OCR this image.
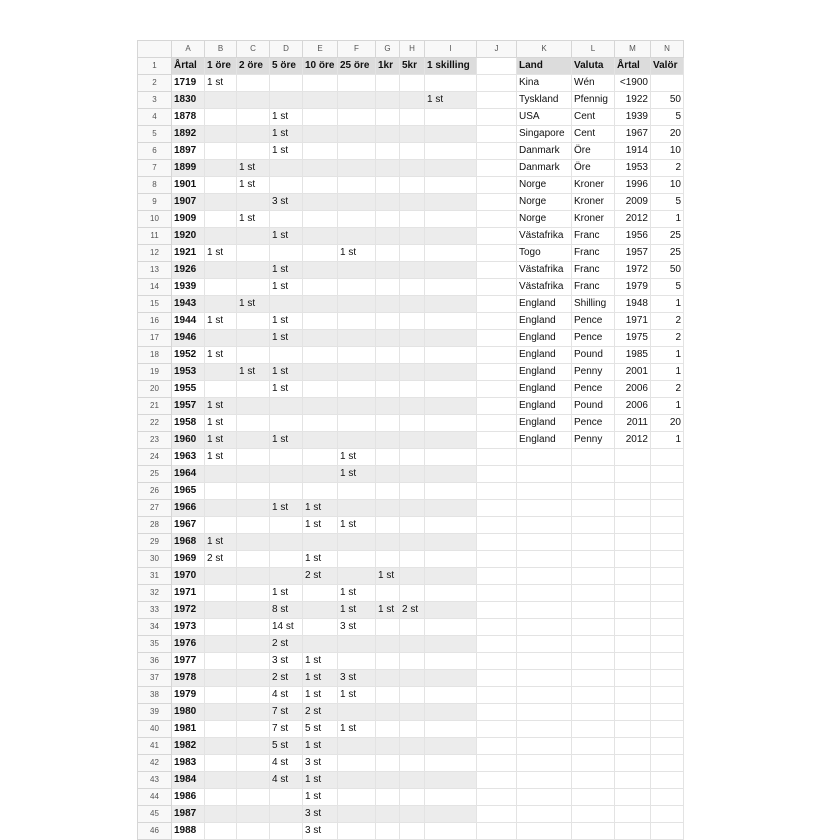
	A	B	C	D	E	F	G	H	I	J	K	L	M	N
1	Årtal	1 öre	2 öre	5 öre	10 öre	25 öre	1kr	5kr	1 skilling		Land	Valuta	Årtal	Valör
2	1719	1 st									Kina	Wén	<1900	
3	1830								1 st		Tyskland	Pfennig	1922	50
4	1878			1 st							USA	Cent	1939	5
5	1892			1 st							Singapore	Cent	1967	20
6	1897			1 st							Danmark	Öre	1914	10
7	1899		1 st								Danmark	Öre	1953	2
8	1901		1 st								Norge	Kroner	1996	10
9	1907			3 st							Norge	Kroner	2009	5
10	1909		1 st								Norge	Kroner	2012	1
11	1920			1 st							Västafrika	Franc	1956	25
12	1921	1 st				1 st					Togo	Franc	1957	25
13	1926			1 st							Västafrika	Franc	1972	50
14	1939			1 st							Västafrika	Franc	1979	5
15	1943		1 st								England	Shilling	1948	1
16	1944	1 st		1 st							England	Pence	1971	2
17	1946			1 st							England	Pence	1975	2
18	1952	1 st									England	Pound	1985	1
19	1953		1 st	1 st							England	Penny	2001	1
20	1955			1 st							England	Pence	2006	2
21	1957	1 st									England	Pound	2006	1
22	1958	1 st									England	Pence	2011	20
23	1960	1 st		1 st							England	Penny	2012	1
24	1963	1 st				1 st								
25	1964					1 st								
26	1965													
27	1966			1 st	1 st									
28	1967				1 st	1 st								
29	1968	1 st												
30	1969	2 st			1 st									
31	1970				2 st		1 st							
32	1971			1 st		1 st								
33	1972			8 st		1 st	1 st	2 st						
34	1973			14 st		3 st								
35	1976			2 st										
36	1977			3 st	1 st									
37	1978			2 st	1 st	3 st								
38	1979			4 st	1 st	1 st								
39	1980			7 st	2 st									
40	1981			7 st	5 st	1 st								
41	1982			5 st	1 st									
42	1983			4 st	3 st									
43	1984			4 st	1 st									
44	1986				1 st									
45	1987				3 st									
46	1988				3 st									
